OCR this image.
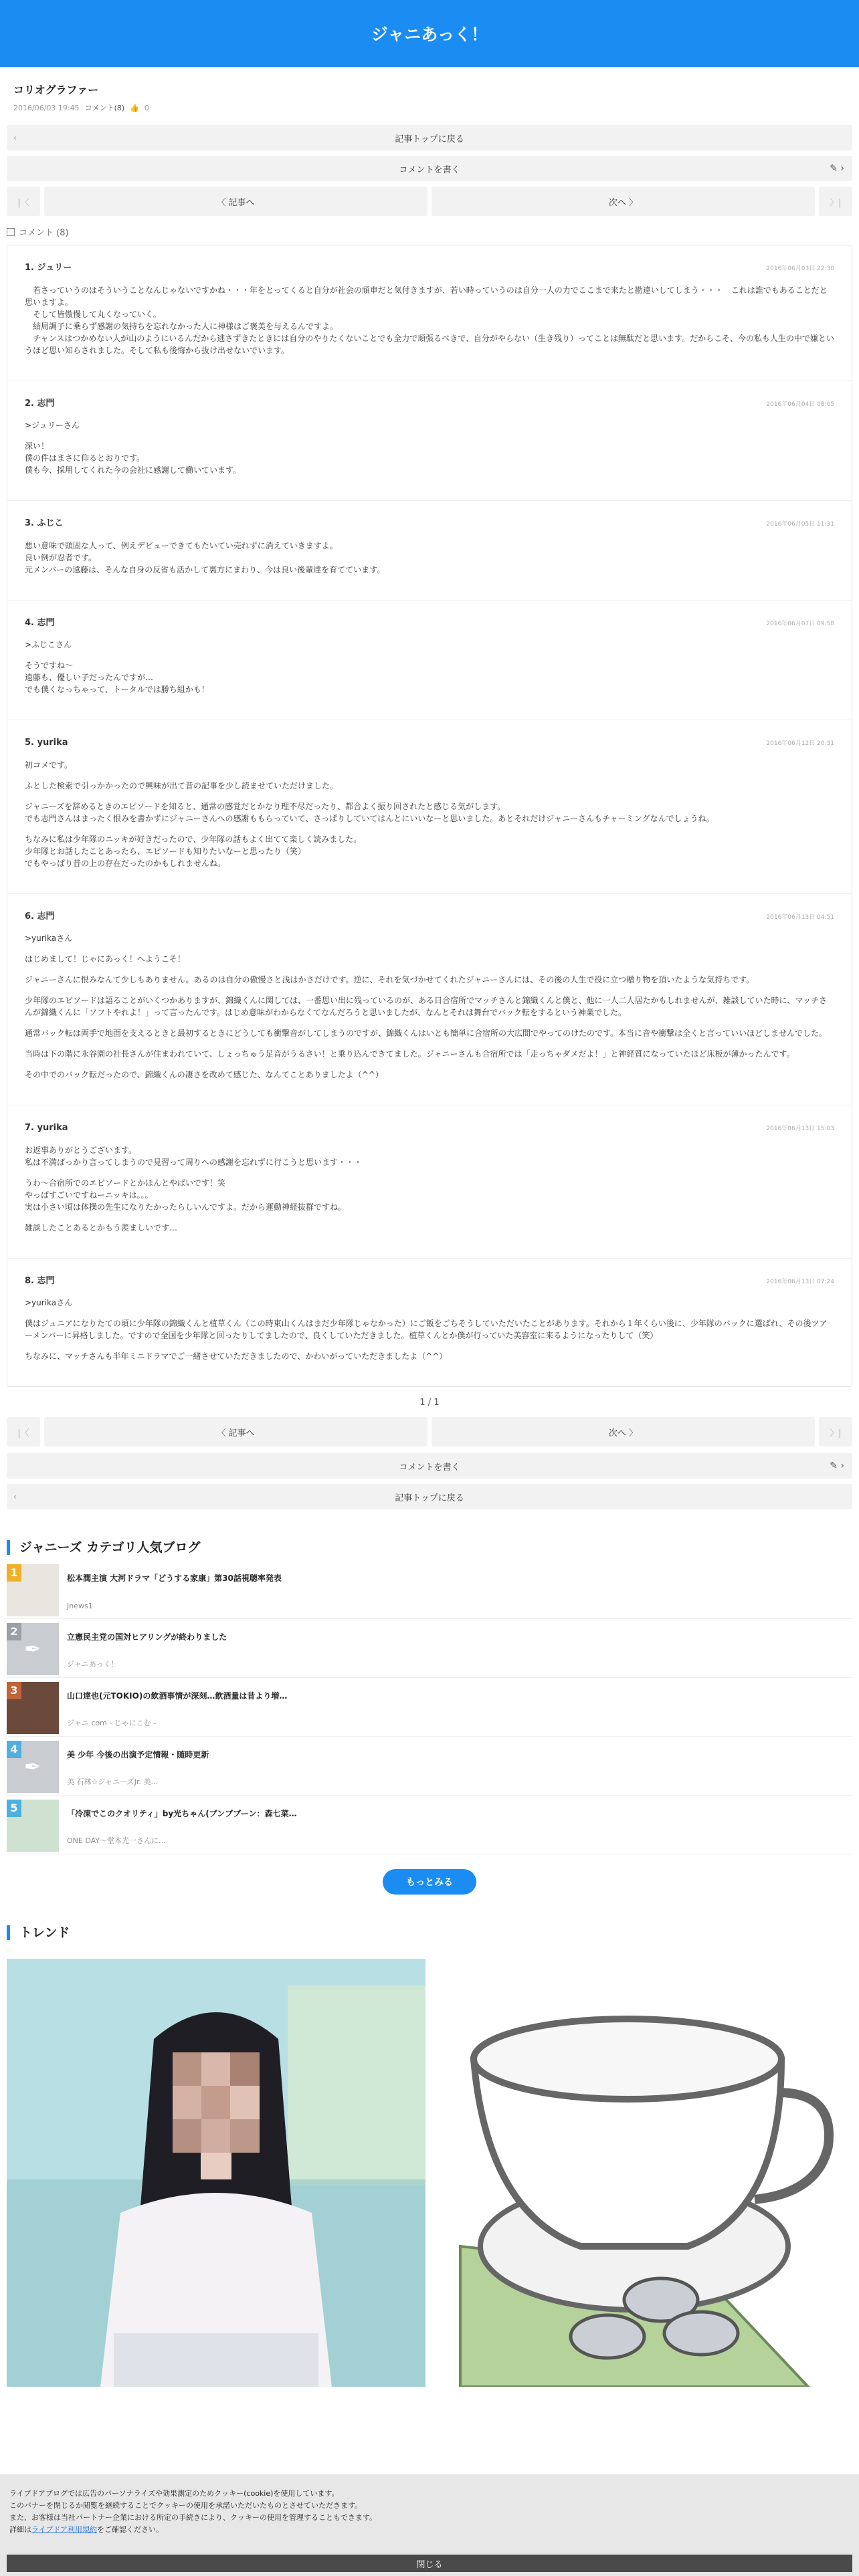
ジャニあっく！
コリオグラファー
2016/06/03 19:45 コメント(8) 👍 0
‹	記事トップに戻る
コメントを書く	✎ ›
|〈	〈 記事へ	次へ 〉	〉|
コメント (8)
1. ジュリー	2016年06月03日 22:30
　若さっていうのはそういうことなんじゃないですかね・・・年をとってくると自分が社会の頑車だと気付きますが、若い時っていうのは自分一人の力でここまで来たと勘違いしてしまう・・・　これは誰でもあることだと思いますよ。
　そして皆傲慢して丸くなっていく。
　結局調子に乗らず感謝の気持ちを忘れなかった人に神様はご褒美を与えるんですよ。
　チャンスはつかめない人が山のようにいるんだから逃さずきたときには自分のやりたくないことでも全力で頑張るべきで、自分がやらない（生き残り）ってことは無駄だと思います。だからこそ、今の私も人生の中で嫌というほど思い知らされました。そして私も後悔から抜け出せないでいます。
2. 志門	2016年06月04日 08:05
>ジュリーさん
深い！
僕の件はまさに仰るとおりです。
僕も今、採用してくれた今の会社に感謝して働いています。
3. ふじこ	2016年06月05日 11:31
悪い意味で頭固な人って、例えデビューできてもたいてい売れずに消えていきますよ。
良い例が忍者です。
元メンバーの遠藤は、そんな自身の反省も活かして裏方にまわり、今は良い後輩達を育てています。
4. 志門	2016年06月07日 09:58
>ふじこさん
そうですね〜
遠藤も、優しい子だったんですが…
でも僕くなっちゃって、トータルでは勝ち組かも！
5. yurika	2016年06月12日 20:31
初コメです。
ふとした検索で引っかかったので興味が出て昔の記事を少し読ませていただけました。
ジャニーズを辞めるときのエピソードを知ると、通常の感覚だとかなり理不尽だったり、都合よく振り回されたと感じる気がします。
でも志門さんはまったく恨みを書かずにジャニーさんへの感謝ももらっていて、さっぱりしていてはんとにいいなーと思いました。あとそれだけジャニーさんもチャーミングなんでしょうね。
ちなみに私は少年隊のニッキが好きだったので、少年隊の話もよく出てて楽しく読みました。
少年隊とお話したことあったら、エピソードも知りたいなーと思ったり（笑）
でもやっぱり昔の上の存在だったのかもしれませんね。
6. 志門	2016年06月13日 04:51
>yurikaさん
はじめまして！じゃにあっく！へようこそ！
ジャニーさんに恨みなんて少しもありません。あるのは自分の傲慢さと浅はかさだけです。逆に、それを気づかせてくれたジャニーさんには、その後の人生で役に立つ贈り物を頂いたような気持ちです。
少年隊のエピソードは語ることがいくつかありますが、錦織くんに関しては、一番思い出に残っているのが、ある日合宿所でマッチさんと錦織くんと僕と、他に一人二人居たかもしれませんが、雑談していた時に、マッチさんが錦織くんに「ソフトやれよ！」って言ったんです。はじめ意味がわからなくてなんだろうと思いましたが、なんとそれは舞台でバック転をするという神業でした。
通常バック転は両手で地面を支えるときと最初するときにどうしても衝撃音がしてしまうのですが、錦織くんはいとも簡単に合宿所の大広間でやってのけたのです。本当に音や衝撃は全くと言っていいほどしませんでした。
当時は下の階に永谷園の社長さんが住まわれていて、しょっちゅう足音がうるさい！と乗り込んできてました。ジャニーさんも合宿所では「走っちゃダメだよ！」と神経質になっていたほど床板が薄かったんです。
その中でのバック転だったので、錦織くんの凄さを改めて感じた、なんてことありましたよ（^^）
7. yurika	2016年06月13日 15:03
お返事ありがとうございます。
私は不満ばっかり言ってしまうので見習って周りへの感謝を忘れずに行こうと思います・・・
うわ〜合宿所でのエピソードとかほんとやばいです！笑
やっぱすごいですねーニッキは。。。
実は小さい頃は体操の先生になりたかったらしいんですよ。だから運動神経抜群ですね。
雑談したことあるとかもう羨ましいです…
8. 志門	2016年06月13日 07:24
>yurikaさん
僕はジュニアになりたての頃に少年隊の錦織くんと植草くん（この時東山くんはまだ少年隊じゃなかった）にご飯をごちそうしていただいたことがあります。それから１年くらい後に、少年隊のバックに選ばれ、その後ツアーメンバーに昇格しました。ですので全国を少年隊と回ったりしてましたので、良くしていただきました。植草くんとか僕が行っていた美容室に来るようになったりして（笑）
ちなみに、マッチさんも半年ミニドラマでご一緒させていただきましたので、かわいがっていただきましたよ（^^）
1 / 1
|〈	〈 記事へ	次へ 〉	〉|
コメントを書く	✎ ›
‹	記事トップに戻る
ジャニーズ カテゴリ人気ブログ
1	松本潤主演 大河ドラマ「どうする家康」第30話視聴率発表
Jnews1
2
✒
立憲民主党の国対ヒアリングが終わりました
ジャニあっく！
3	山口達也(元TOKIO)の飲酒事情が深刻…飲酒量は昔より増…
ジャニ.com - じゃにこむ -
4
✒
美 少年 今後の出演予定情報・随時更新
美 石林☆ジャニーズJr. 美…
5	「冷凍でこのクオリティ」by光ちゃん(ブンブブーン：森七菜…
ONE DAY〜堂本光一さんに…
もっとみる
トレンド
ライブドアブログでは広告のパーソナライズや効果測定のためクッキー(cookie)を使用しています。
このバナーを閉じるか閲覧を継続することでクッキーの使用を承諾いただいたものとさせていただきます。
また、お客様は当社パートナー企業における所定の手続きにより、クッキーの使用を管理することもできます。
詳細はライブドア利用規約をご確認ください。
閉じる
